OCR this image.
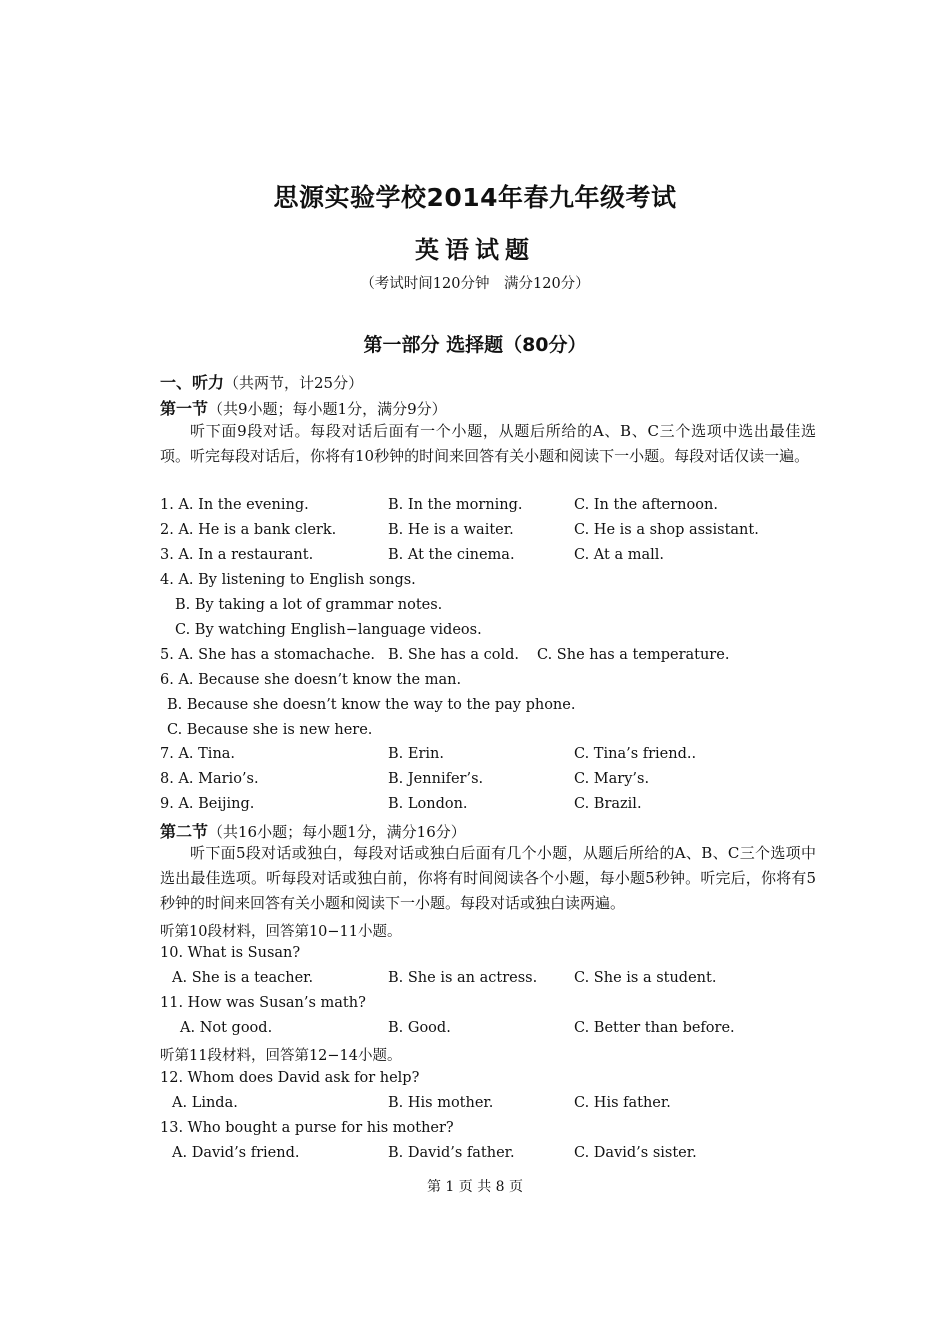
思源实验学校2014年春九年级考试
英语试题
（考试时间120分钟　满分120分）
第一部分 选择题（80分）
一、听力（共两节，计25分）
第一节（共9小题；每小题1分，满分9分）
听下面9段对话。每段对话后面有一个小题，从题后所给的A、B、C三个选项中选出最佳选项。听完每段对话后，你将有10秒钟的时间来回答有关小题和阅读下一小题。每段对话仅读一遍。
1. A. In the evening.	B. In the morning.	C. In the afternoon.
2. A. He is a bank clerk.	B. He is a waiter.	C. He is a shop assistant.
3. A. In a restaurant.	B. At the cinema.	C. At a mall.
4. A. By listening to English songs.
B. By taking a lot of grammar notes.
C. By watching English−language videos.
5. A. She has a stomachache. B. She has a cold. C. She has a temperature.
6. A. Because she doesn’t know the man.
B. Because she doesn’t know the way to the pay phone.
C. Because she is new here.
7. A. Tina.	B. Erin.	C. Tina’s friend..
8. A. Mario’s.	B. Jennifer’s.	C. Mary’s.
9. A. Beijing.	B. London.	C. Brazil.
第二节（共16小题；每小题1分，满分16分）
听下面5段对话或独白，每段对话或独白后面有几个小题，从题后所给的A、B、C三个选项中选出最佳选项。听每段对话或独白前，你将有时间阅读各个小题，每小题5秒钟。听完后，你将有5秒钟的时间来回答有关小题和阅读下一小题。每段对话或独白读两遍。
听第10段材料，回答第10−11小题。
10. What is Susan?
A. She is a teacher.	B. She is an actress.	C. She is a student.
11. How was Susan’s math?
A. Not good.	B. Good.	C. Better than before.
听第11段材料，回答第12−14小题。
12. Whom does David ask for help?
A. Linda.	B. His mother.	C. His father.
13. Who bought a purse for his mother?
A. David’s friend.	B. David’s father.	C. David’s sister.
第 1 页 共 8 页
